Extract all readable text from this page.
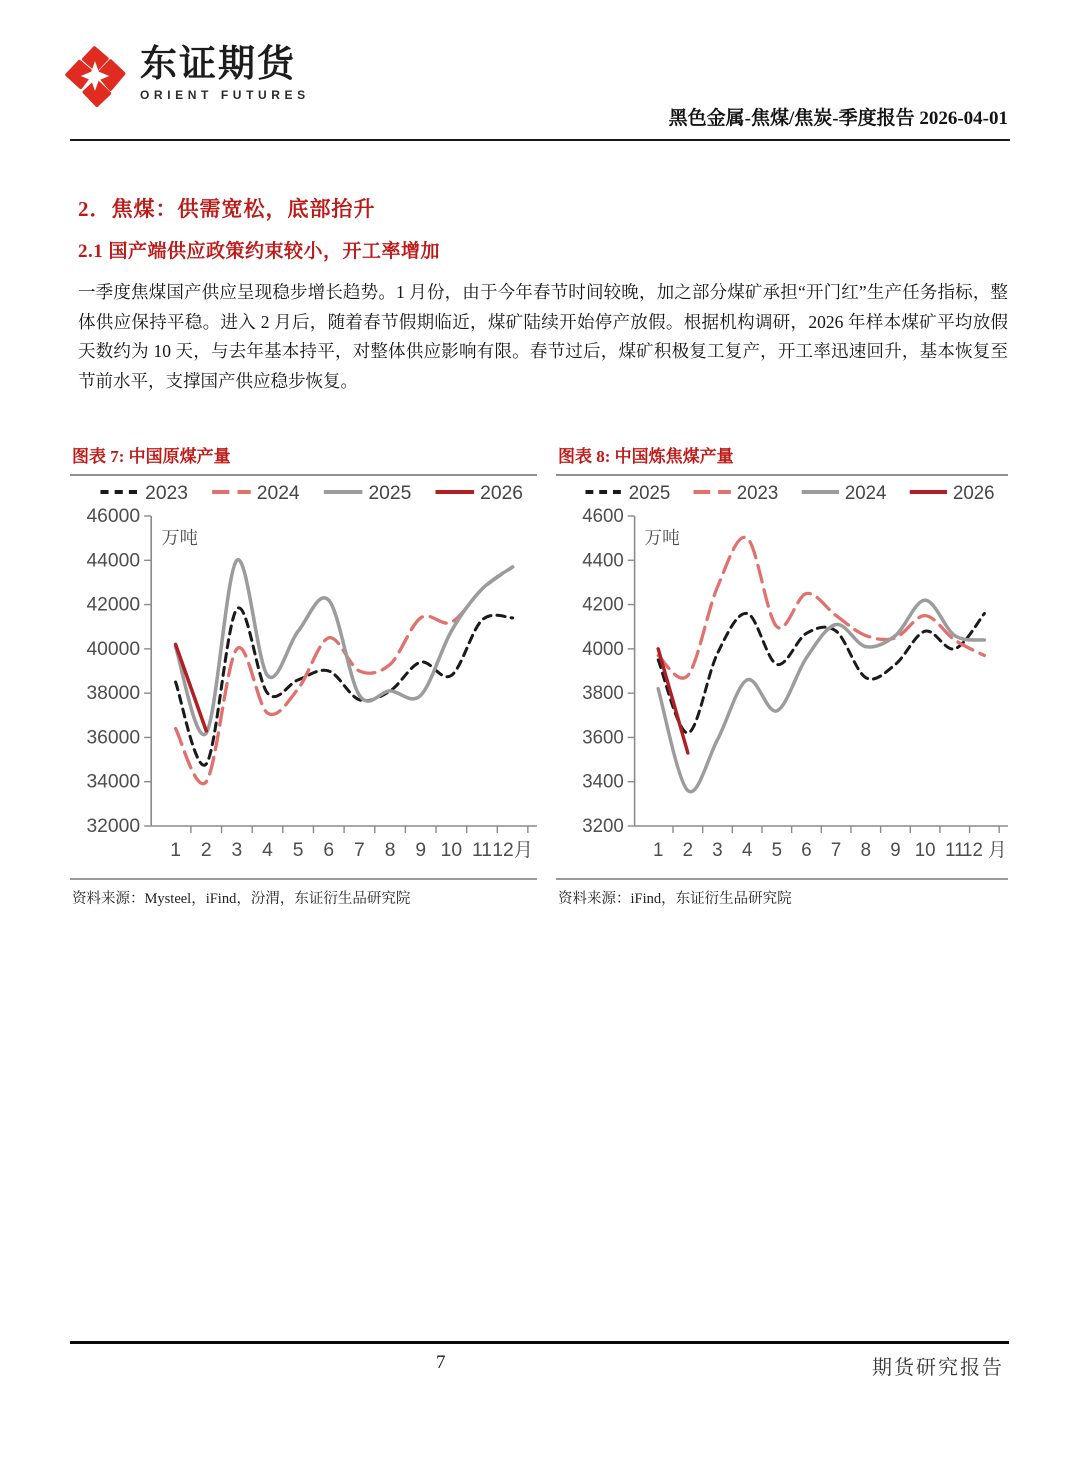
东证期货
ORIENT FUTURES
黑色金属-焦煤/焦炭-季度报告 2026-04-01
2．焦煤：供需宽松，底部抬升
2.1 国产端供应政策约束较小，开工率增加
一季度焦煤国产供应呈现稳步增长趋势。1 月份，由于今年春节时间较晚，加之部分煤矿承担“开门红”生产任务指标，整体供应保持平稳。进入 2 月后，随着春节假期临近，煤矿陆续开始停产放假。根据机构调研，2026 年样本煤矿平均放假天数约为 10 天，与去年基本持平，对整体供应影响有限。春节过后，煤矿积极复工复产，开工率迅速回升，基本恢复至节前水平，支撑国产供应稳步恢复。
图表 7: 中国原煤产量
2023	2024	2025	2026
32000
34000
36000
38000
40000
42000
44000
46000
万吨
1 2 3 4 5 6 7 8 9 10 11 12月
资料来源：Mysteel，iFind，汾渭，东证衍生品研究院
图表 8: 中国炼焦煤产量
2025	2023	2024	2026
3200
3400
3600
3800
4000
4200
4400
4600
万吨
1 2 3 4 5 6 7 8 9 10 11
12 月
资料来源：iFind，东证衍生品研究院
7	期货研究报告
